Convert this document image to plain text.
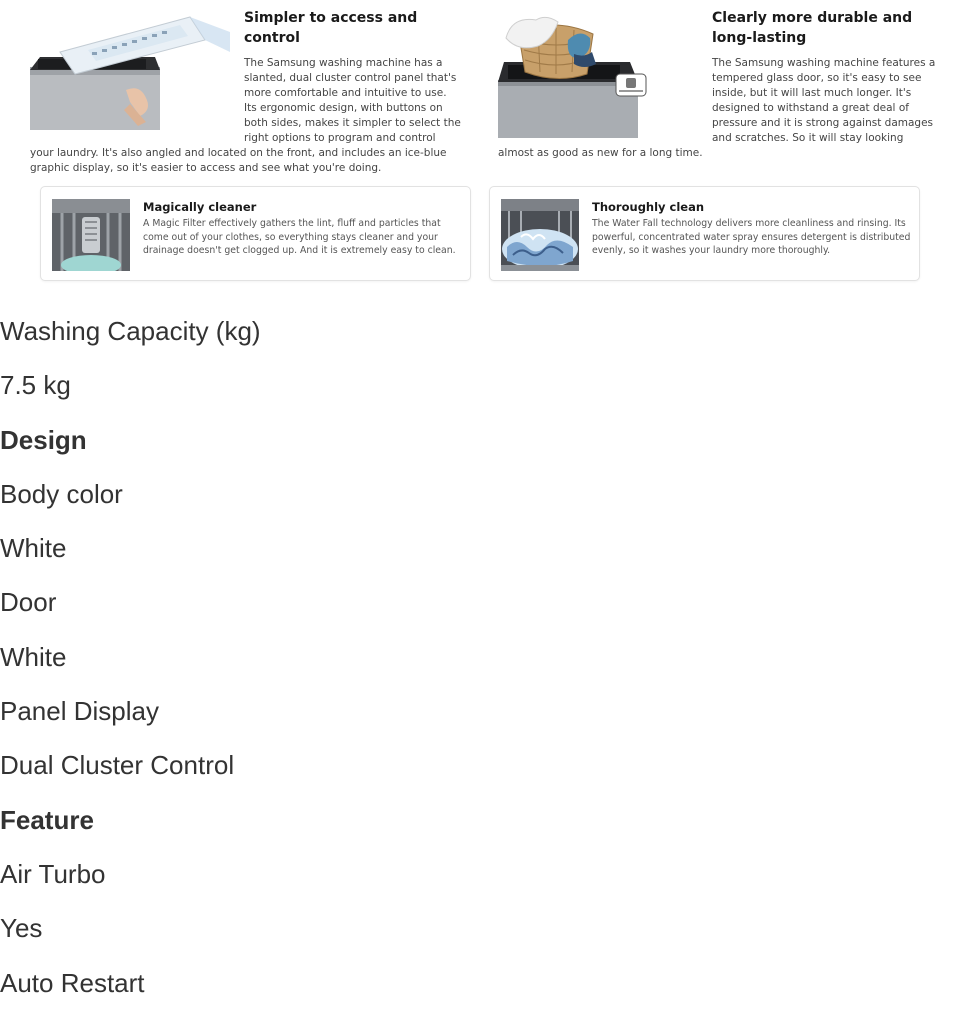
Simpler to access and control

The Samsung washing machine has a slanted, dual cluster control panel that's more comfortable and intuitive to use. Its ergonomic design, with buttons on both sides, makes it simpler to select the right options to program and control your laundry. It's also angled and located on the front, and includes an ice-blue graphic display, so it's easier to access and see what you're doing.

Clearly more durable and long-lasting

The Samsung washing machine features a tempered glass door, so it's easy to see inside, but it will last much longer. It's designed to withstand a great deal of pressure and it is strong against damages and scratches. So it will stay looking almost as good as new for a long time.

Magically cleaner

A Magic Filter effectively gathers the lint, fluff and particles that come out of your clothes, so everything stays cleaner and your drainage doesn't get clogged up. And it is extremely easy to clean.

Thoroughly clean

The Water Fall technology delivers more cleanliness and rinsing. Its powerful, concentrated water spray ensures detergent is distributed evenly, so it washes your laundry more thoroughly.

Washing Capacity (kg)
7.5 kg
Design
Body color
White
Door
White
Panel Display
Dual Cluster Control
Feature
Air Turbo
Yes
Auto Restart
